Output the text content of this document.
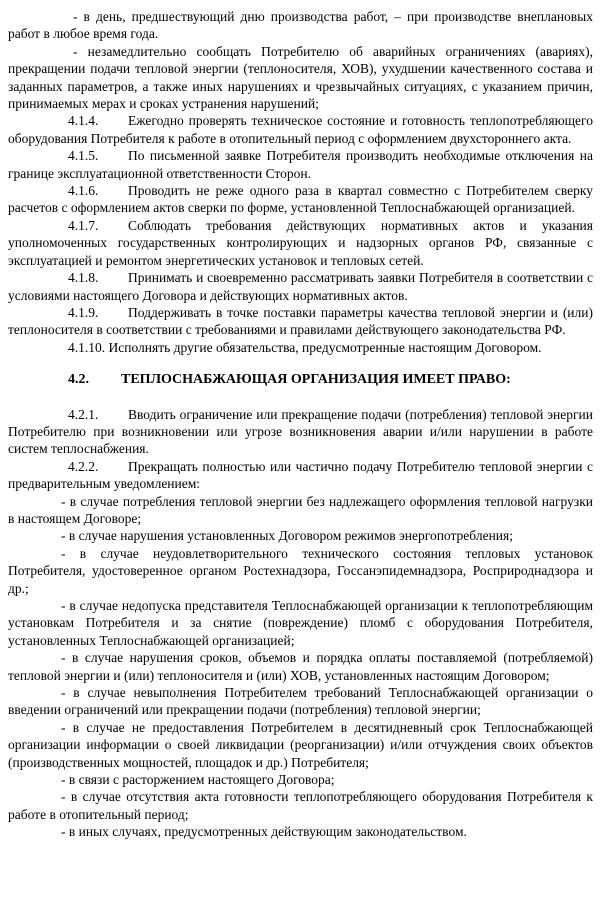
- в день, предшествующий дню производства работ, – при производстве внеплановых работ в любое время года.

- незамедлительно сообщать Потребителю об аварийных ограничениях (авариях), прекращении подачи тепловой энергии (теплоносителя, ХОВ), ухудшении качественного состава и заданных параметров, а также иных нарушениях и чрезвычайных ситуациях, с указанием причин, принимаемых мерах и сроках устранения нарушений;

4.1.4. Ежегодно проверять техническое состояние и готовность теплопотребляющего оборудования Потребителя к работе в отопительный период с оформлением двухстороннего акта.

4.1.5. По письменной заявке Потребителя производить необходимые отключения на границе эксплуатационной ответственности Сторон.

4.1.6. Проводить не реже одного раза в квартал совместно с Потребителем сверку расчетов с оформлением актов сверки по форме, установленной Теплоснабжающей организацией.

4.1.7. Соблюдать требования действующих нормативных актов и указания уполномоченных государственных контролирующих и надзорных органов РФ, связанные с эксплуатацией и ремонтом энергетических установок и тепловых сетей.

4.1.8. Принимать и своевременно рассматривать заявки Потребителя в соответствии с условиями настоящего Договора и действующих нормативных актов.

4.1.9. Поддерживать в точке поставки параметры качества тепловой энергии и (или) теплоносителя в соответствии с требованиями и правилами действующего законодательства РФ.

4.1.10. Исполнять другие обязательства, предусмотренные настоящим Договором.

4.2. ТЕПЛОСНАБЖАЮЩАЯ ОРГАНИЗАЦИЯ ИМЕЕТ ПРАВО:

4.2.1. Вводить ограничение или прекращение подачи (потребления) тепловой энергии Потребителю при возникновении или угрозе возникновения аварии и/или нарушении в работе систем теплоснабжения.

4.2.2. Прекращать полностью или частично подачу Потребителю тепловой энергии с предварительным уведомлением:

- в случае потребления тепловой энергии без надлежащего оформления тепловой нагрузки в настоящем Договоре;

- в случае нарушения установленных Договором режимов энергопотребления;

- в случае неудовлетворительного технического состояния тепловых установок Потребителя, удостоверенное органом Ростехнадзора, Госсанэпидемнадзора, Росприроднадзора и др.;

- в случае недопуска представителя Теплоснабжающей организации к теплопотребляющим установкам Потребителя и за снятие (повреждение) пломб с оборудования Потребителя, установленных Теплоснабжающей организацией;

- в случае нарушения сроков, объемов и порядка оплаты поставляемой (потребляемой) тепловой энергии и (или) теплоносителя и (или) ХОВ, установленных настоящим Договором;

- в случае невыполнения Потребителем требований Теплоснабжающей организации о введении ограничений или прекращении подачи (потребления) тепловой энергии;

- в случае не предоставления Потребителем в десятидневный срок Теплоснабжающей организации информации о своей ликвидации (реорганизации) и/или отчуждения своих объектов (производственных мощностей, площадок и др.) Потребителя;

- в связи с расторжением настоящего Договора;

- в случае отсутствия акта готовности теплопотребляющего оборудования Потребителя к работе в отопительный период;

- в иных случаях, предусмотренных действующим законодательством.
